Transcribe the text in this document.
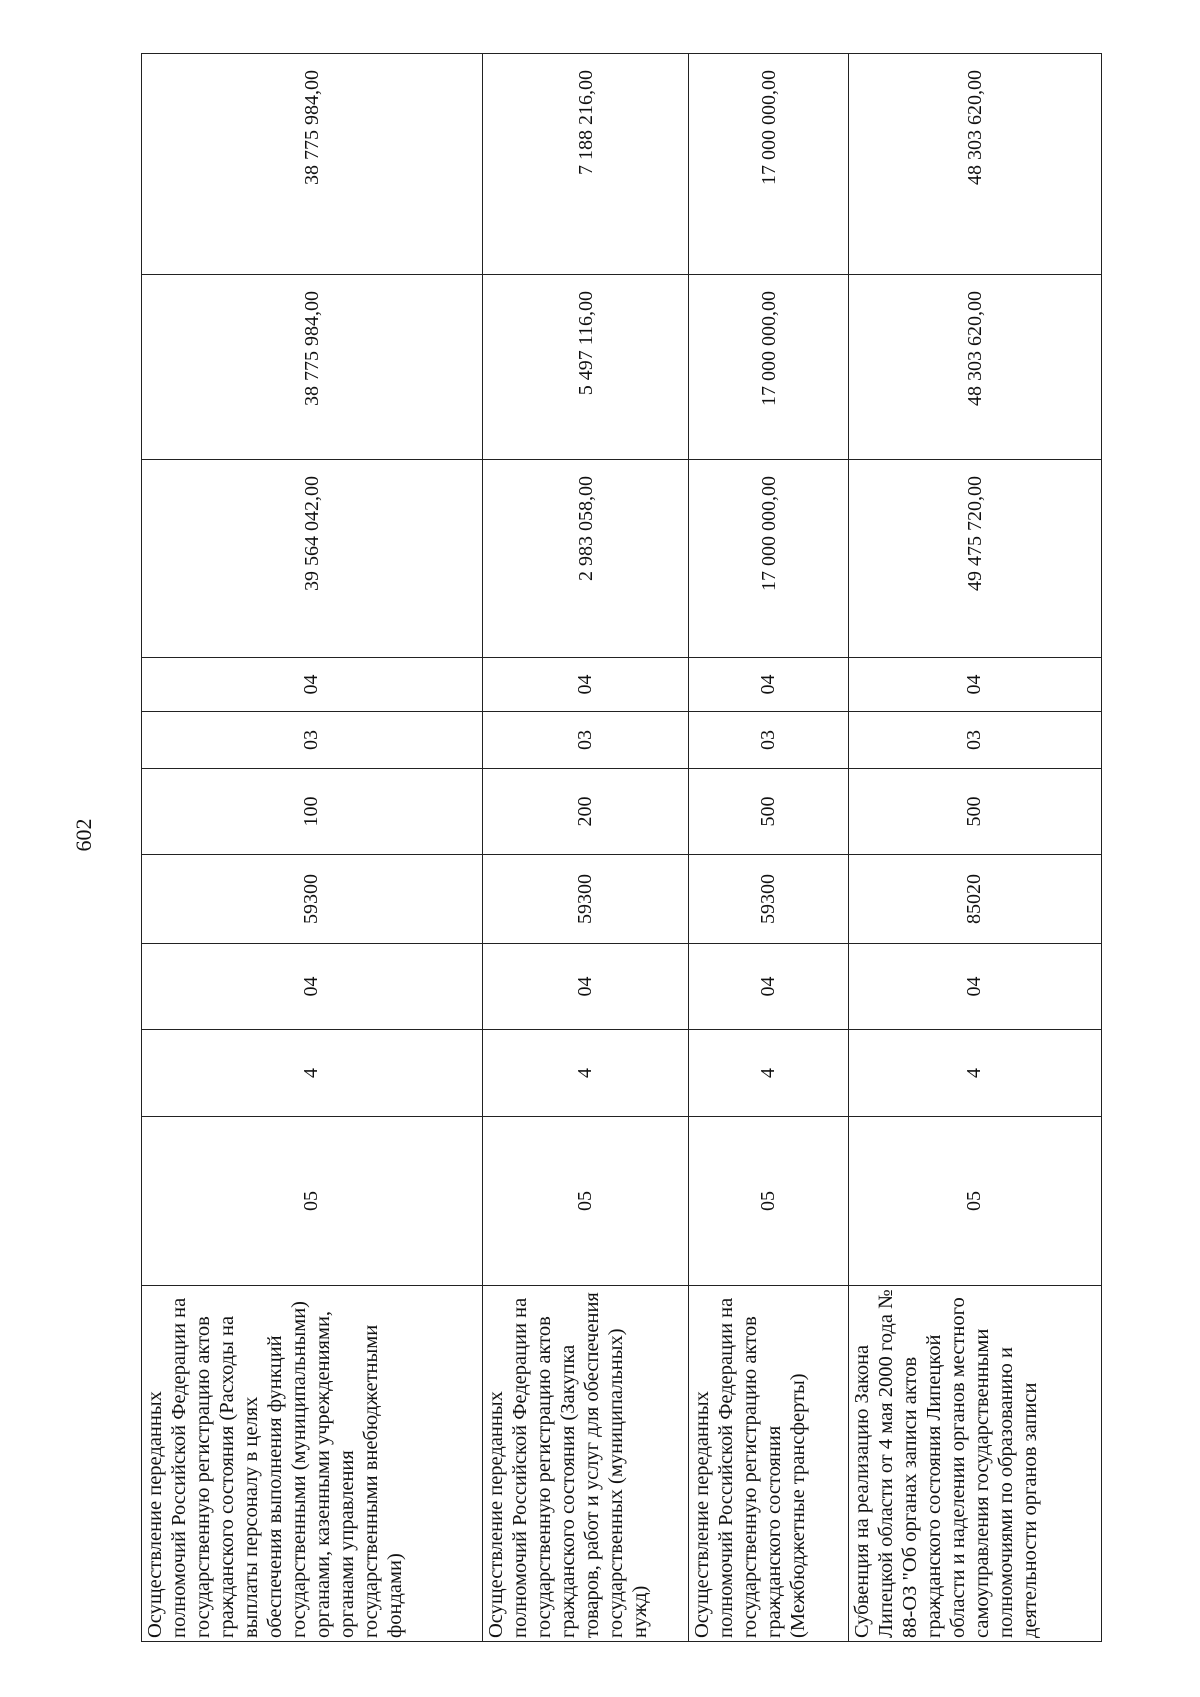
602
Осуществление переданных полномочий Российской Федерации на государственную регистрацию актов гражданского состояния (Расходы на выплаты персоналу в целях обеспечения выполнения функций государственными (муниципальными) органами, казенными учреждениями, органами управления государственными внебюджетными фондами)	05	4	04	59300	100	03	04	39 564 042,00	38 775 984,00	38 775 984,00
Осуществление переданных полномочий Российской Федерации на государственную регистрацию актов гражданского состояния (Закупка товаров, работ и услуг для обеспечения государственных (муниципальных) нужд)	05	4	04	59300	200	03	04	2 983 058,00	5 497 116,00	7 188 216,00
Осуществление переданных полномочий Российской Федерации на государственную регистрацию актов гражданского состояния (Межбюджетные трансферты)	05	4	04	59300	500	03	04	17 000 000,00	17 000 000,00	17 000 000,00
Субвенция на реализацию Закона Липецкой области от 4 мая 2000 года № 88-ОЗ "Об органах записи актов гражданского состояния Липецкой области и наделении органов местного самоуправления государственными полномочиями по образованию и деятельности органов записи	05	4	04	85020	500	03	04	49 475 720,00	48 303 620,00	48 303 620,00
